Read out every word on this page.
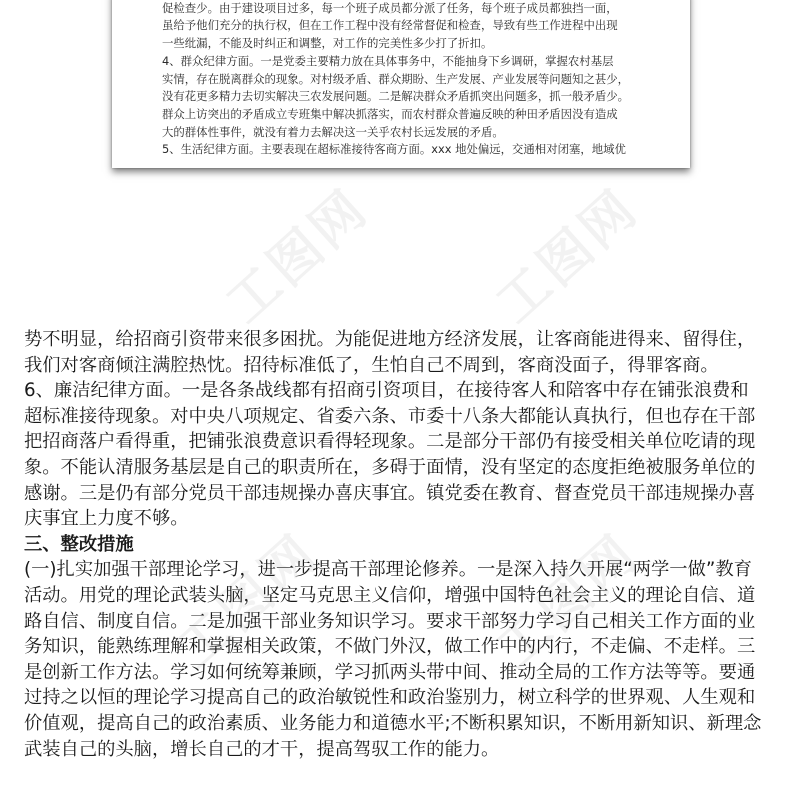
促检查少。由于建设项目过多，每一个班子成员都分派了任务，每个班子成员都独挡一面，

虽给予他们充分的执行权，但在工作工程中没有经常督促和检查，导致有些工作进程中出现

一些纰漏，不能及时纠正和调整，对工作的完美性多少打了折扣。

4、群众纪律方面。一是党委主要精力放在具体事务中，不能抽身下乡调研，掌握农村基层

实情，存在脱离群众的现象。对村级矛盾、群众期盼、生产发展、产业发展等问题知之甚少，

没有花更多精力去切实解决三农发展问题。二是解决群众矛盾抓突出问题多，抓一般矛盾少。

群众上访突出的矛盾成立专班集中解决抓落实，而农村群众普遍反映的种田矛盾因没有造成

大的群体性事件，就没有着力去解决这一关乎农村长远发展的矛盾。

5、生活纪律方面。主要表现在超标准接待客商方面。xxx 地处偏远，交通相对闭塞，地域优

工图网 工图网
工图网	工图网

势不明显，给招商引资带来很多困扰。为能促进地方经济发展，让客商能进得来、留得住，

我们对客商倾注满腔热忱。招待标准低了，生怕自己不周到，客商没面子，得罪客商。

6、廉洁纪律方面。一是各条战线都有招商引资项目，在接待客人和陪客中存在铺张浪费和

超标准接待现象。对中央八项规定、省委六条、市委十八条大都能认真执行，但也存在干部

把招商落户看得重，把铺张浪费意识看得轻现象。二是部分干部仍有接受相关单位吃请的现

象。不能认清服务基层是自己的职责所在，多碍于面情，没有坚定的态度拒绝被服务单位的

感谢。三是仍有部分党员干部违规操办喜庆事宜。镇党委在教育、督查党员干部违规操办喜

庆事宜上力度不够。

三、整改措施

(一)扎实加强干部理论学习，进一步提高干部理论修养。一是深入持久开展“两学一做”教育

活动。用党的理论武装头脑，坚定马克思主义信仰，增强中国特色社会主义的理论自信、道

路自信、制度自信。二是加强干部业务知识学习。要求干部努力学习自己相关工作方面的业

务知识，能熟练理解和掌握相关政策，不做门外汉，做工作中的内行，不走偏、不走样。三

是创新工作方法。学习如何统筹兼顾，学习抓两头带中间、推动全局的工作方法等等。要通

过持之以恒的理论学习提高自己的政治敏锐性和政治鉴别力，树立科学的世界观、人生观和

价值观，提高自己的政治素质、业务能力和道德水平;不断积累知识，不断用新知识、新理念

武装自己的头脑，增长自己的才干，提高驾驭工作的能力。
